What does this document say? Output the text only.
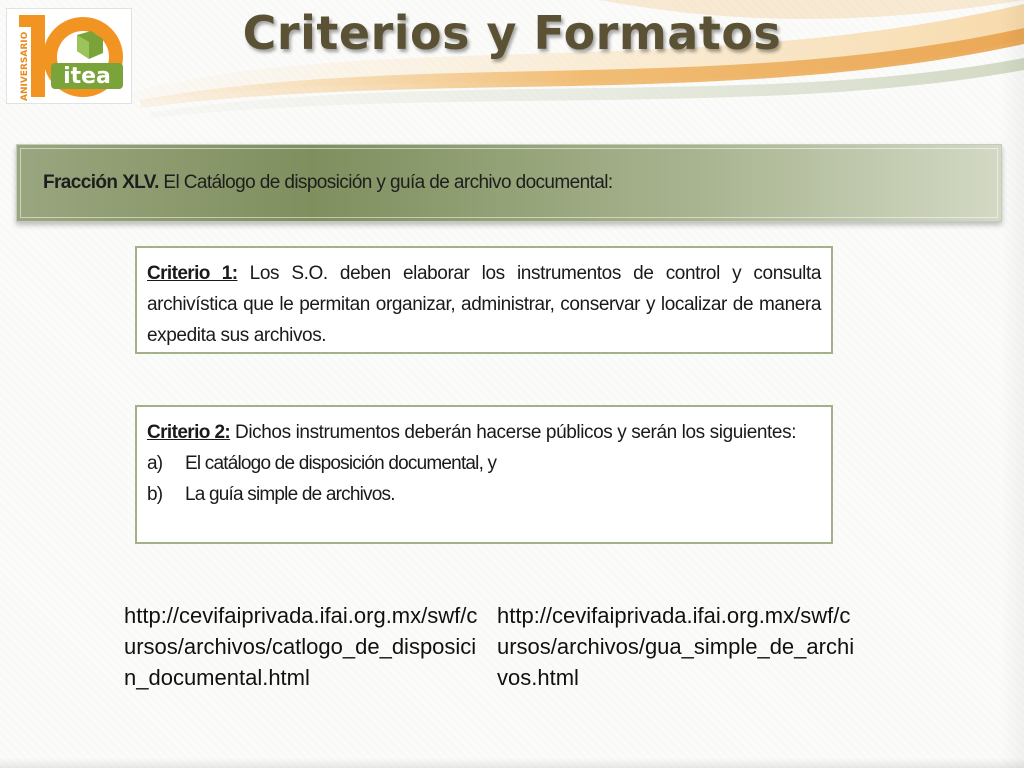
ANIVERSARIO itea
Criterios y Formatos
Fracción XLV. El Catálogo de disposición y guía de archivo documental:

Criterio 1: Los S.O. deben elaborar los instrumentos de control y consulta archivística que le permitan organizar, administrar, conservar y localizar de manera expedita sus archivos.

Criterio 2: Dichos instrumentos deberán hacerse públicos y serán los siguientes:

a) El catálogo de disposición documental, y
b) La guía simple de archivos.
http://cevifaiprivada.ifai.org.mx/swf/cursos/archivos/catlogo_de_disposicin_documental.html
http://cevifaiprivada.ifai.org.mx/swf/cursos/archivos/gua_simple_de_archivos.html
